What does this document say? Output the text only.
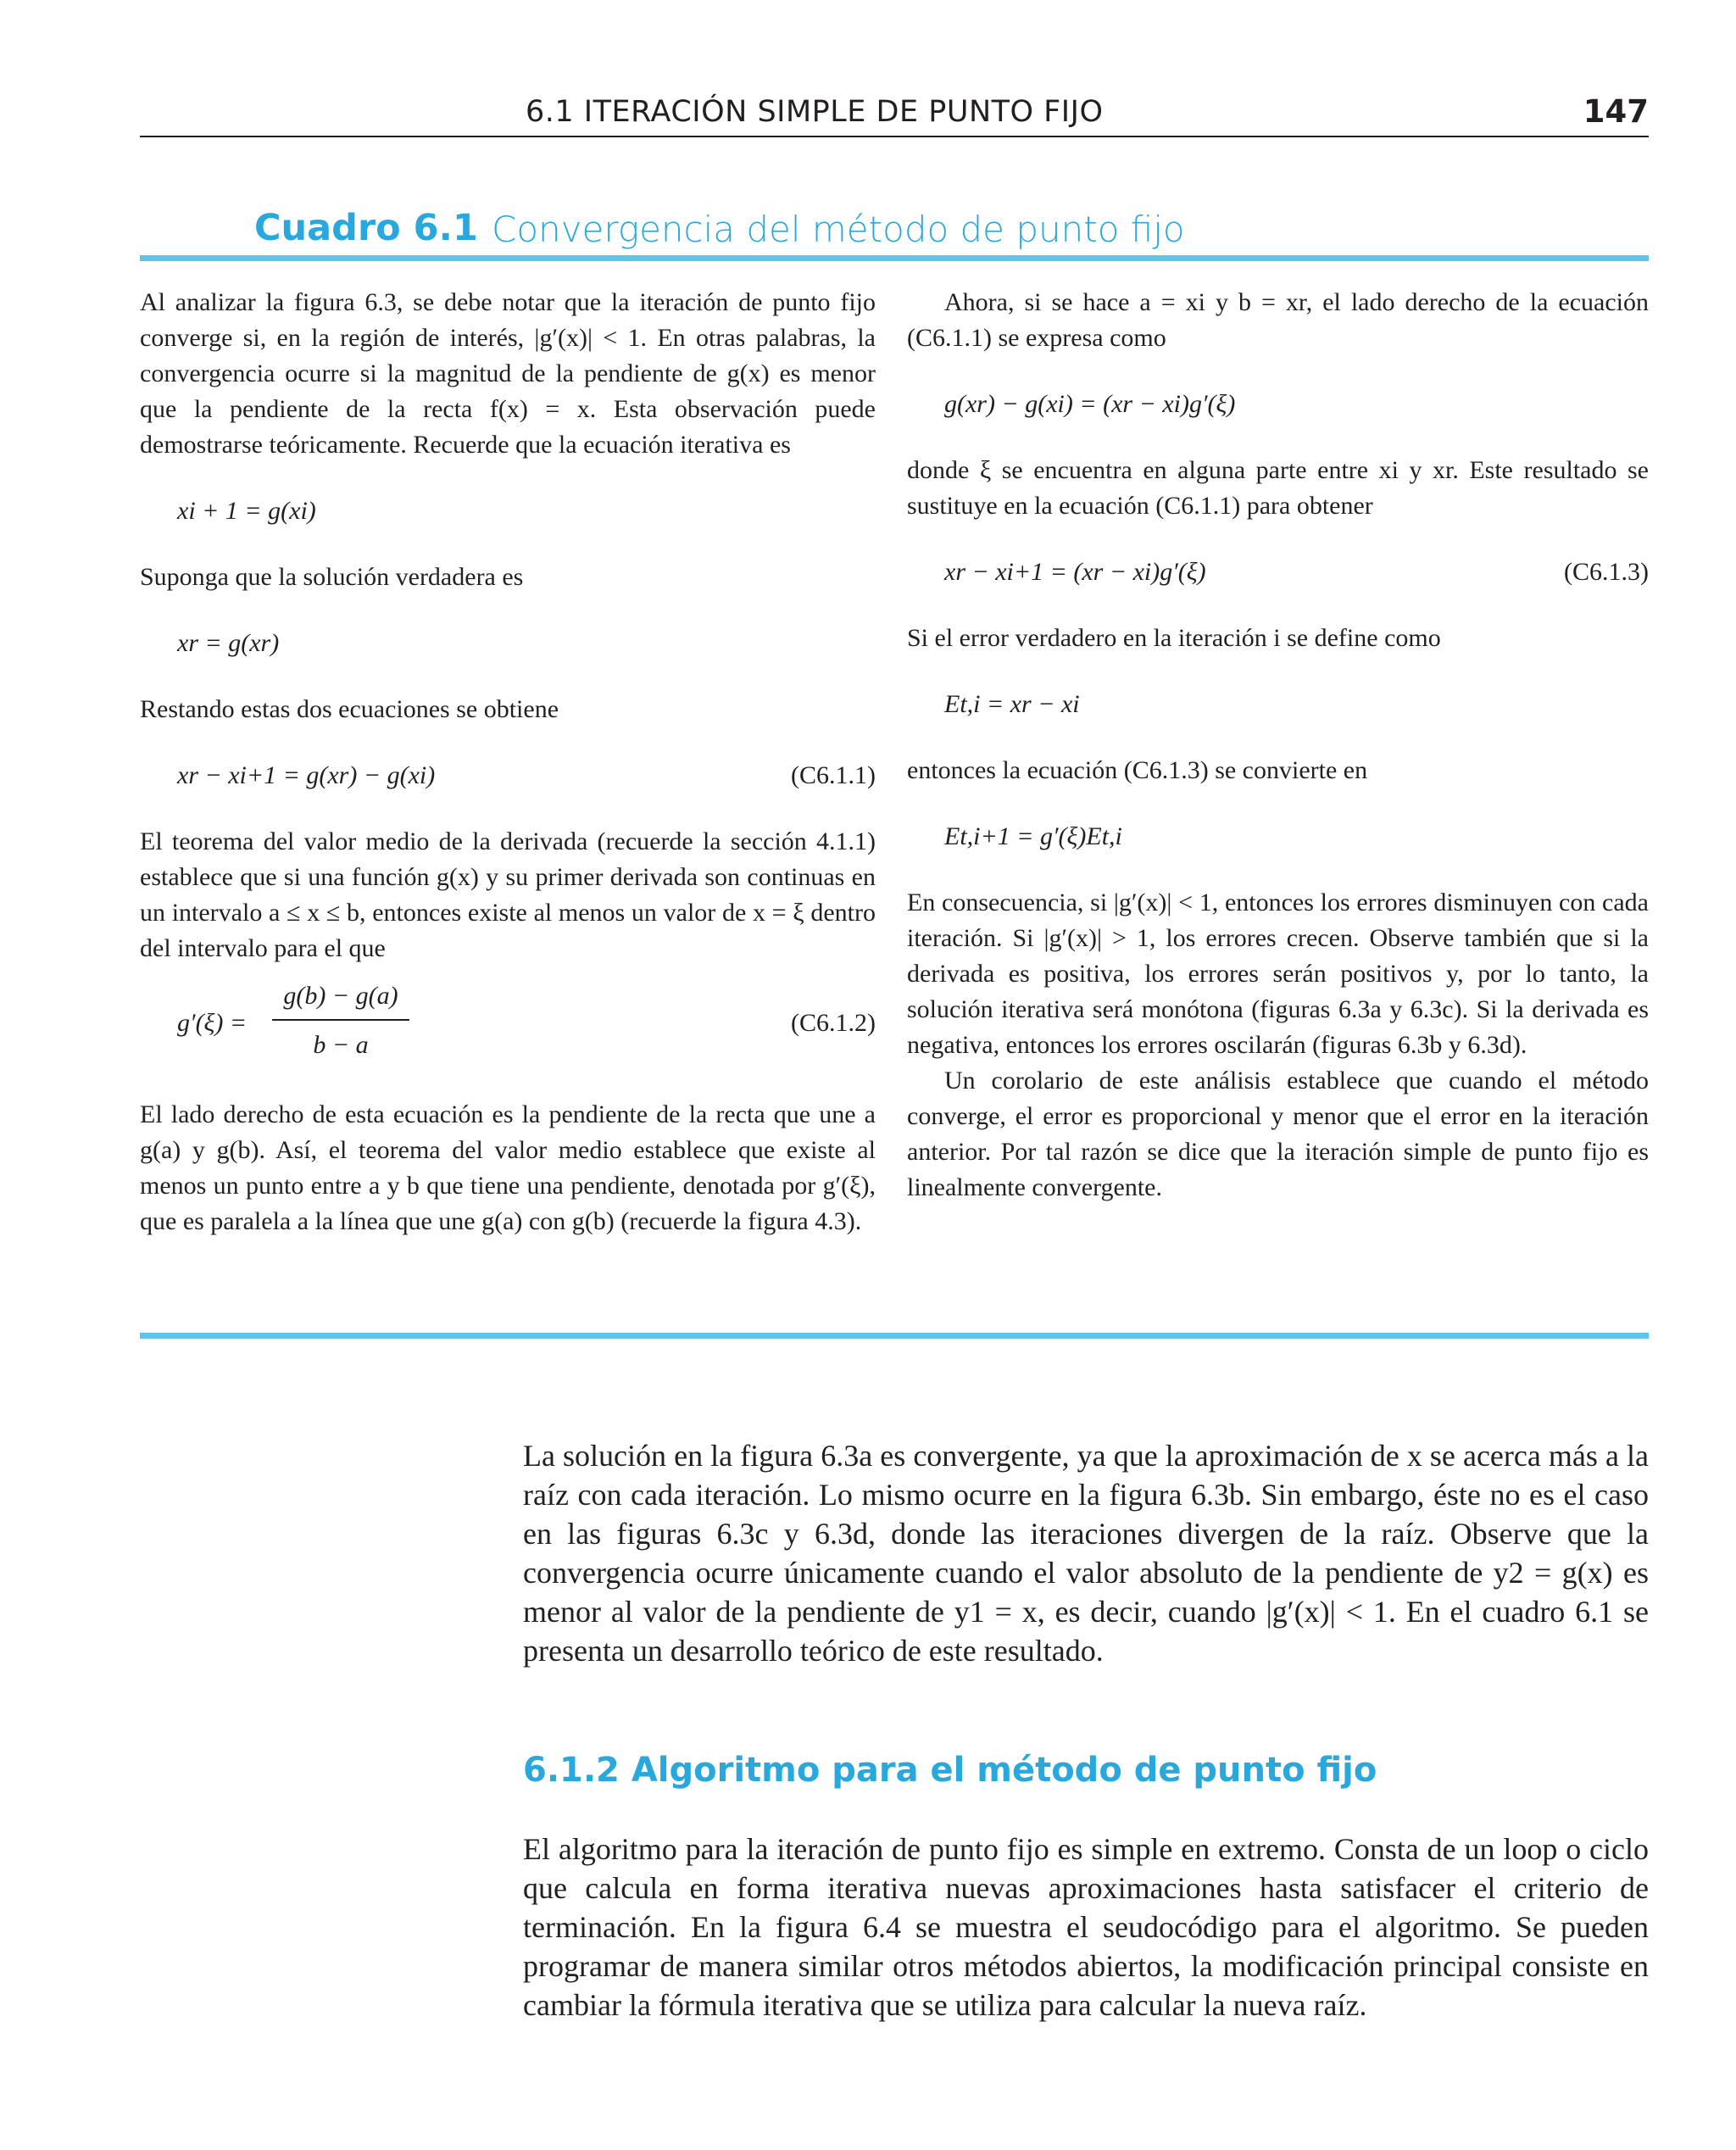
6.1 ITERACIÓN SIMPLE DE PUNTO FIJO	147
Cuadro 6.1 Convergencia del método de punto fijo

Al analizar la figura 6.3, se debe notar que la iteración de punto fijo converge si, en la región de interés, |g′(x)| < 1. En otras palabras, la convergencia ocurre si la magnitud de la pendiente de g(x) es menor que la pendiente de la recta f(x) = x. Esta observación puede demostrarse teóricamente. Recuerde que la ecuación iterativa es

xi + 1 = g(xi)

Suponga que la solución verdadera es

xr = g(xr)

Restando estas dos ecuaciones se obtiene

xr − xi+1 = g(xr) − g(xi)	(C6.1.1)

El teorema del valor medio de la derivada (recuerde la sección 4.1.1) establece que si una función g(x) y su primer derivada son continuas en un intervalo a ≤ x ≤ b, entonces existe al menos un valor de x = ξ dentro del intervalo para el que

$g'(\xi) = \frac{g(b) - g(a)}{b - a}$	(C6.1.2)

El lado derecho de esta ecuación es la pendiente de la recta que une a g(a) y g(b). Así, el teorema del valor medio establece que existe al menos un punto entre a y b que tiene una pendiente, denotada por g′(ξ), que es paralela a la línea que une g(a) con g(b) (recuerde la figura 4.3).

Ahora, si se hace a = xi y b = xr, el lado derecho de la ecuación (C6.1.1) se expresa como

g(xr) − g(xi) = (xr − xi)g′(ξ)

donde ξ se encuentra en alguna parte entre xi y xr. Este resultado se sustituye en la ecuación (C6.1.1) para obtener

xr − xi+1 = (xr − xi)g′(ξ)	(C6.1.3)

Si el error verdadero en la iteración i se define como

Et,i = xr − xi

entonces la ecuación (C6.1.3) se convierte en

Et,i+1 = g′(ξ)Et,i

En consecuencia, si |g′(x)| < 1, entonces los errores disminuyen con cada iteración. Si |g′(x)| > 1, los errores crecen. Observe también que si la derivada es positiva, los errores serán positivos y, por lo tanto, la solución iterativa será monótona (figuras 6.3a y 6.3c). Si la derivada es negativa, entonces los errores oscilarán (figuras 6.3b y 6.3d).

Un corolario de este análisis establece que cuando el método converge, el error es proporcional y menor que el error en la iteración anterior. Por tal razón se dice que la iteración simple de punto fijo es linealmente convergente.

La solución en la figura 6.3a es convergente, ya que la aproximación de x se acerca más a la raíz con cada iteración. Lo mismo ocurre en la figura 6.3b. Sin embargo, éste no es el caso en las figuras 6.3c y 6.3d, donde las iteraciones divergen de la raíz. Observe que la convergencia ocurre únicamente cuando el valor absoluto de la pendiente de y2 = g(x) es menor al valor de la pendiente de y1 = x, es decir, cuando |g′(x)| < 1. En el cuadro 6.1 se presenta un desarrollo teórico de este resultado.

6.1.2 Algoritmo para el método de punto fijo

El algoritmo para la iteración de punto fijo es simple en extremo. Consta de un loop o ciclo que calcula en forma iterativa nuevas aproximaciones hasta satisfacer el criterio de terminación. En la figura 6.4 se muestra el seudocódigo para el algoritmo. Se pueden programar de manera similar otros métodos abiertos, la modificación principal consiste en cambiar la fórmula iterativa que se utiliza para calcular la nueva raíz.
